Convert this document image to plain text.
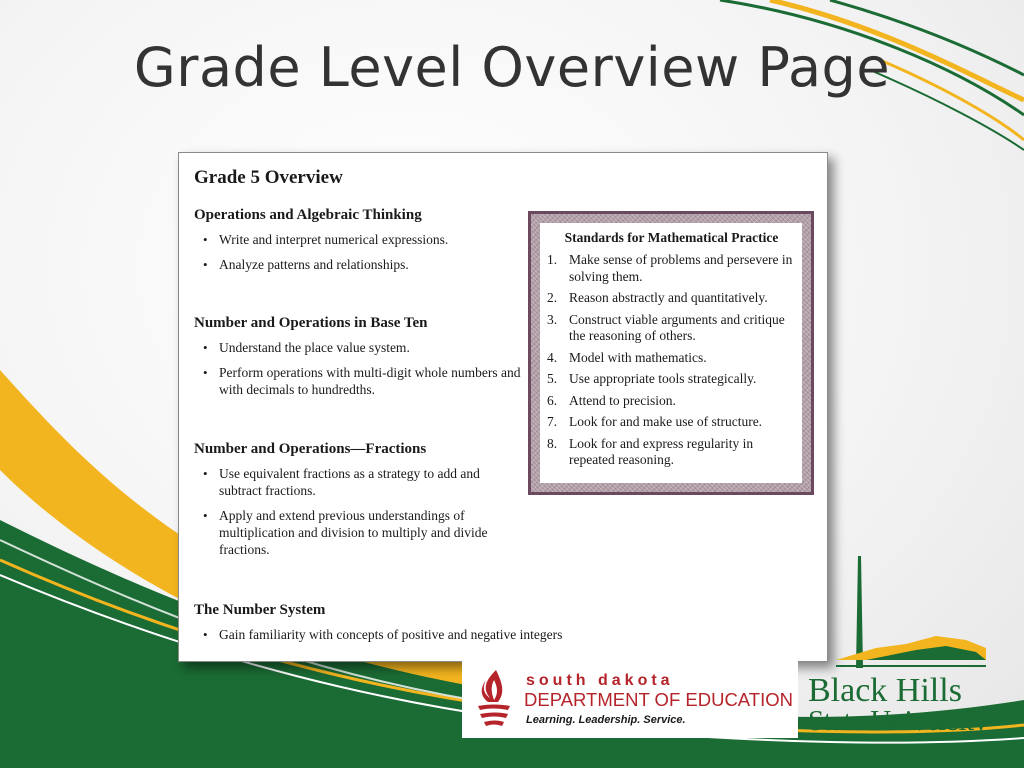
Grade Level Overview Page
Grade 5 Overview
Operations and Algebraic Thinking
• Write and interpret numerical expressions.
• Analyze patterns and relationships.
Number and Operations in Base Ten
• Understand the place value system.
• Perform operations with multi-digit whole numbers and with decimals to hundredths.
Number and Operations—Fractions
• Use equivalent fractions as a strategy to add and subtract fractions.
• Apply and extend previous understandings of multiplication and division to multiply and divide fractions.
The Number System
• Gain familiarity with concepts of positive and negative integers
Standards for Mathematical Practice
1. Make sense of problems and persevere in solving them.
2. Reason abstractly and quantitatively.
3. Construct viable arguments and critique the reasoning of others.
4. Model with mathematics.
5. Use appropriate tools strategically.
6. Attend to precision.
7. Look for and make use of structure.
8. Look for and express regularity in repeated reasoning.
south dakota
DEPARTMENT OF EDUCATION
Learning. Leadership. Service.
Black Hills
State University
